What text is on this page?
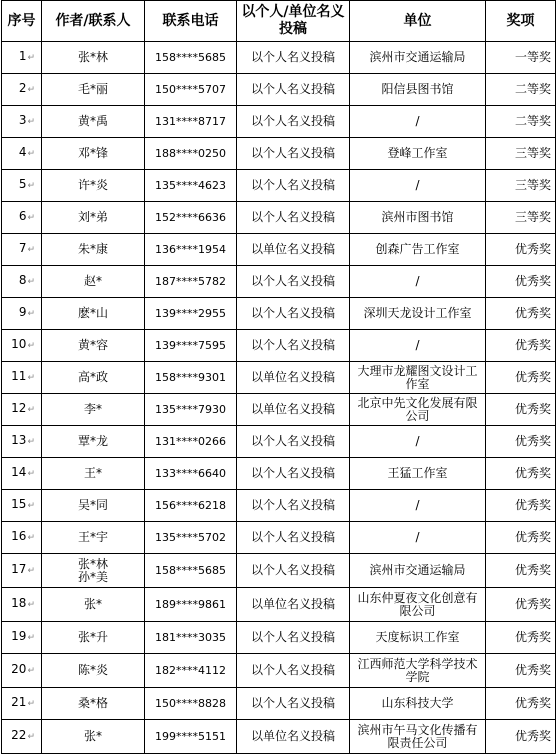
序号	作者/联系人	联系电话	以个人/单位名义投稿	单位	奖项
1↵	张*林	158****5685	以个人名义投稿	滨州市交通运输局	一等奖
2↵	毛*丽	150****5707	以个人名义投稿	阳信县图书馆	二等奖
3↵	黄*禹	131****8717	以个人名义投稿	/	二等奖
4↵	邓*锋	188****0250	以个人名义投稿	登峰工作室	三等奖
5↵	许*炎	135****4623	以个人名义投稿	/	三等奖
6↵	刘*弟	152****6636	以个人名义投稿	滨州市图书馆	三等奖
7↵	朱*康	136****1954	以单位名义投稿	创森广告工作室	优秀奖
8↵	赵*	187****5782	以个人名义投稿	/	优秀奖
9↵	麽*山	139****2955	以个人名义投稿	深圳天龙设计工作室	优秀奖
10↵	黄*容	139****7595	以个人名义投稿	/	优秀奖
11↵	高*政	158****9301	以单位名义投稿	大理市龙耀图文设计工作室	优秀奖
12↵	李*	135****7930	以单位名义投稿	北京中先文化发展有限公司	优秀奖
13↵	覃*龙	131****0266	以个人名义投稿	/	优秀奖
14↵	王*	133****6640	以个人名义投稿	王猛工作室	优秀奖
15↵	吴*同	156****6218	以个人名义投稿	/	优秀奖
16↵	王*宇	135****5702	以个人名义投稿	/	优秀奖
17↵	张*林
孙*美	158****5685	以个人名义投稿	滨州市交通运输局	优秀奖
18↵	张*	189****9861	以单位名义投稿	山东仲夏夜文化创意有限公司	优秀奖
19↵	张*升	181****3035	以个人名义投稿	天度标识工作室	优秀奖
20↵	陈*炎	182****4112	以个人名义投稿	江西师范大学科学技术学院	优秀奖
21↵	桑*格	150****8828	以个人名义投稿	山东科技大学	优秀奖
22↵	张*	199****5151	以单位名义投稿	滨州市午马文化传播有限责任公司	优秀奖
